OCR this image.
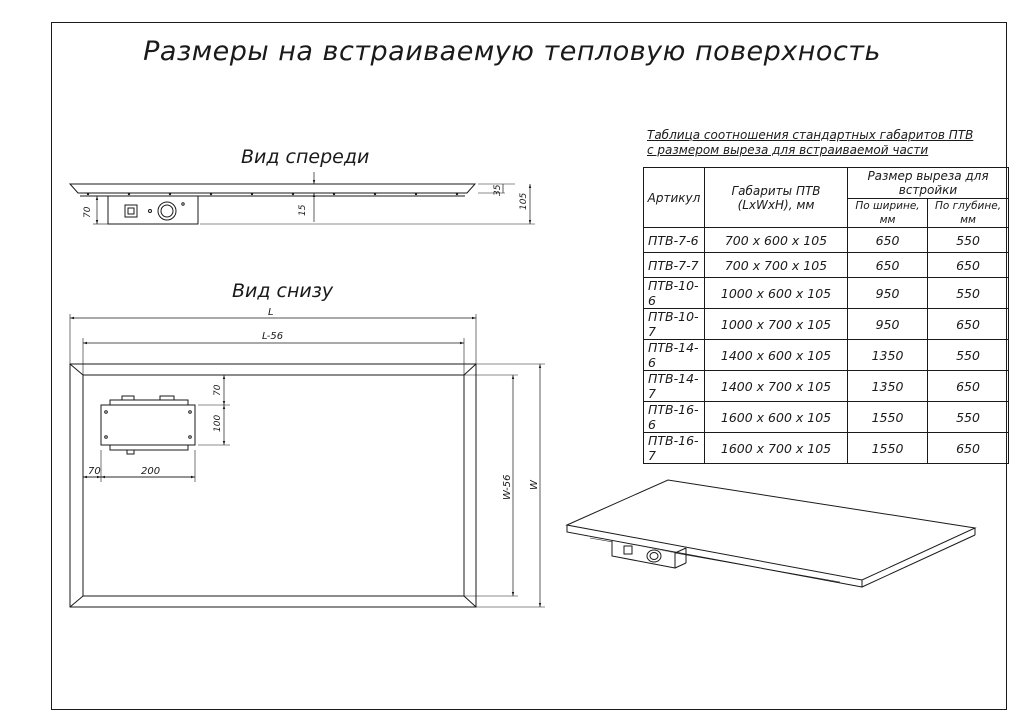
Размеры на встраиваемую тепловую поверхность
Вид спереди
Вид снизу
70	15
35
105
L
L-56
W
W-56
70	200
70
100
Таблица соотношения стандартных габаритов ПТВ
с размером выреза для встраиваемой части
Артикул	Габариты ПТВ (LxWxH), мм	Размер выреза для встройки	
		По ширине, мм	По глубине, мм
ПТВ-7-6	700 x 600 x 105	650	550
ПТВ-7-7	700 x 700 x 105	650	650
ПТВ-10-6	1000 x 600 x 105	950	550
ПТВ-10-7	1000 x 700 x 105	950	650
ПТВ-14-6	1400 x 600 x 105	1350	550
ПТВ-14-7	1400 x 700 x 105	1350	650
ПТВ-16-6	1600 x 600 x 105	1550	550
ПТВ-16-7	1600 x 700 x 105	1550	650
